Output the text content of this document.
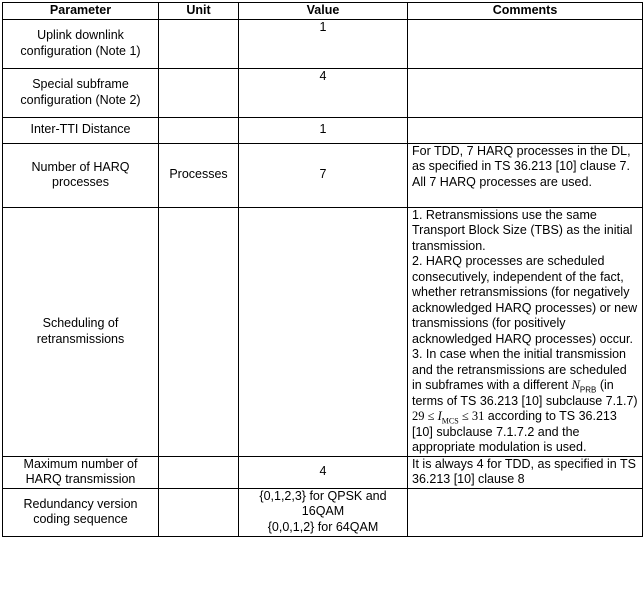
Parameter	Unit	Value	Comments
Uplink downlink configuration (Note 1)		1	
Special subframe configuration (Note 2)		4	
Inter-TTI Distance		1	
Number of HARQ processes	Processes	7	For TDD, 7 HARQ processes in the DL, as specified in TS 36.213 [10] clause 7.
All 7 HARQ processes are used.

Scheduling of retransmissions			1. Retransmissions use the same Transport Block Size (TBS) as the initial transmission.
2. HARQ processes are scheduled consecutively, independent of the fact, whether retransmissions (for negatively acknowledged HARQ processes) or new transmissions (for positively acknowledged HARQ processes) occur.
3. In case when the initial transmission and the retransmissions are scheduled in subframes with a different $N_{PRB}$ (in terms of TS 36.213 [10] subclause 7.1.7) $29 \le I_{MCS} \le 31$ according to TS 36.213 [10] subclause 7.1.7.2 and the appropriate modulation is used.

Maximum number of HARQ transmission		4	It is always 4 for TDD, as specified in TS 36.213 [10] clause 8
Redundancy version coding sequence		{0,1,2,3} for QPSK and 16QAM
{0,0,1,2} for 64QAM	
